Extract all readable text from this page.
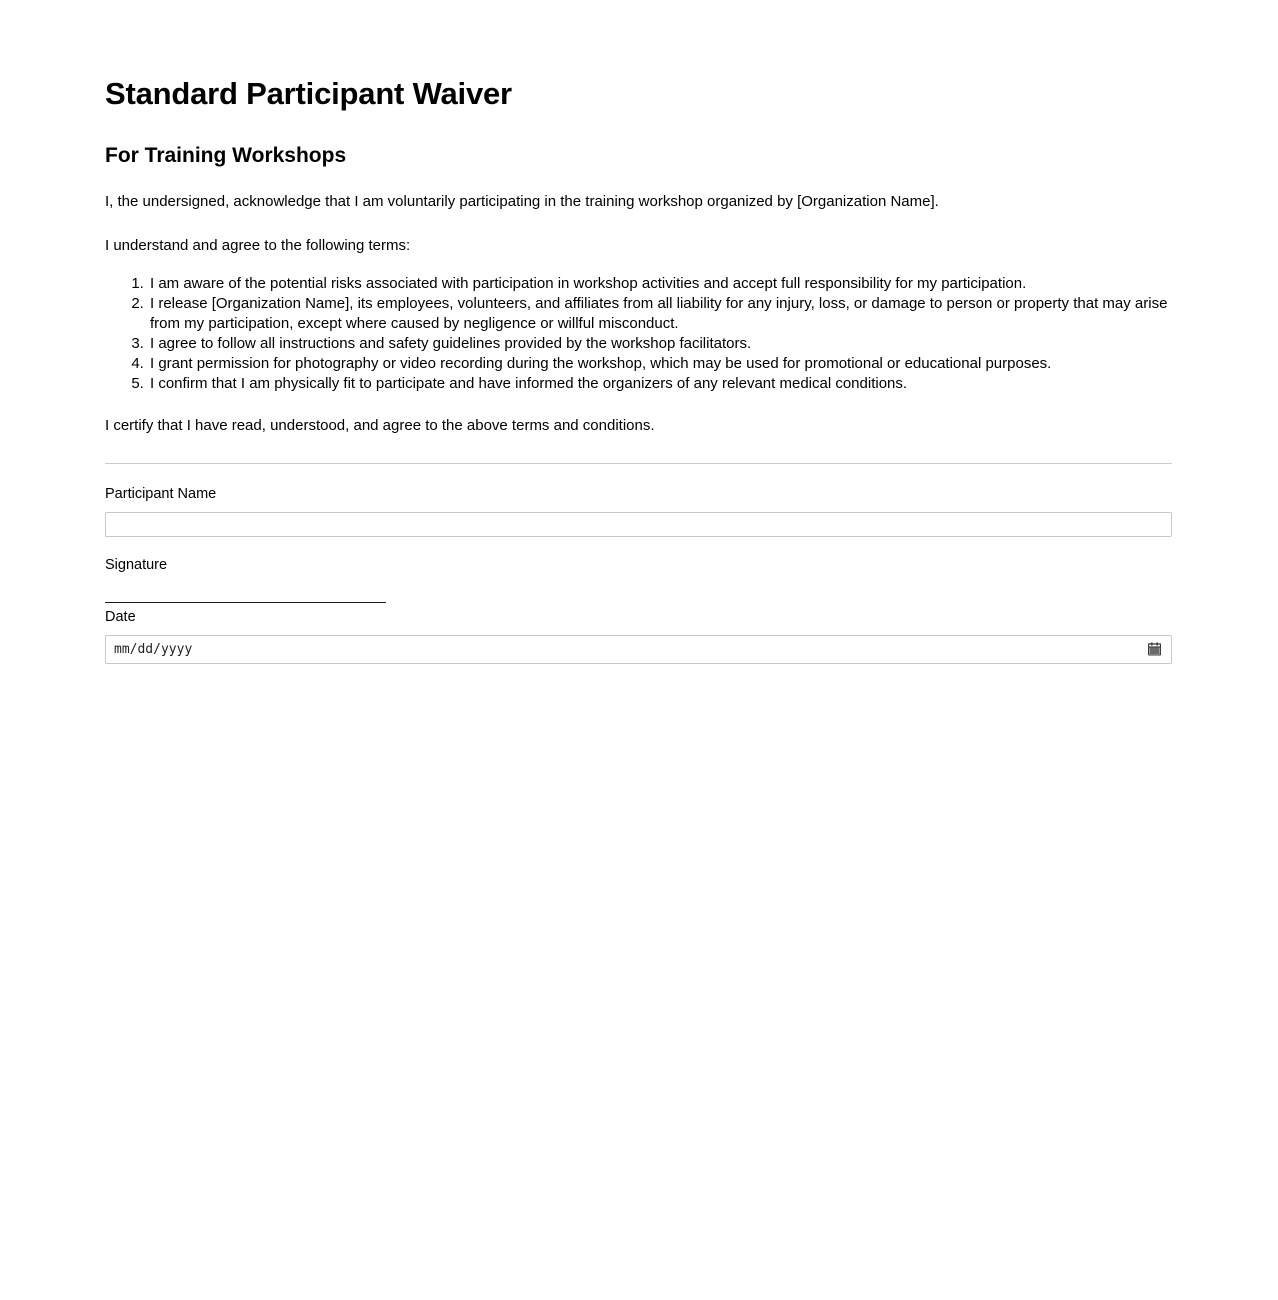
Standard Participant Waiver
For Training Workshops

I, the undersigned, acknowledge that I am voluntarily participating in the training workshop organized by [Organization Name].

I understand and agree to the following terms:

1. I am aware of the potential risks associated with participation in workshop activities and accept full responsibility for my participation.
2. I release [Organization Name], its employees, volunteers, and affiliates from all liability for any injury, loss, or damage to person or property that may arise from my participation, except where caused by negligence or willful misconduct.
3. I agree to follow all instructions and safety guidelines provided by the workshop facilitators.
4. I grant permission for photography or video recording during the workshop, which may be used for promotional or educational purposes.
5. I confirm that I am physically fit to participate and have informed the organizers of any relevant medical conditions.

I certify that I have read, understood, and agree to the above terms and conditions.

Participant Name
Signature
Date
mm/dd/yyyy
